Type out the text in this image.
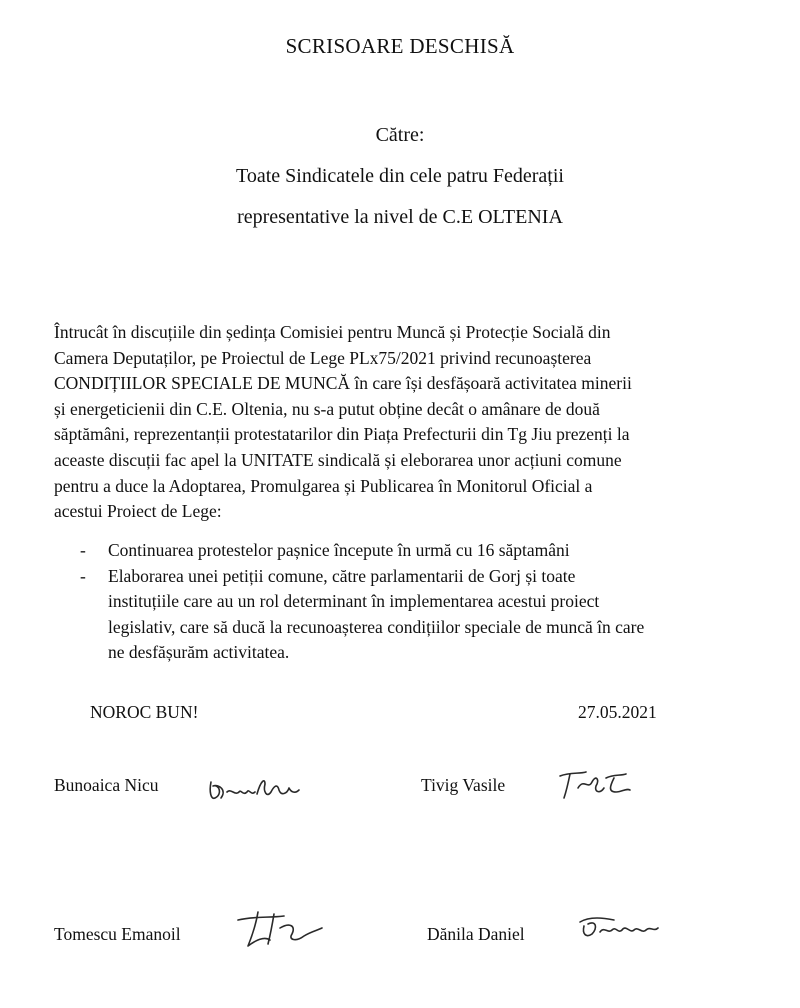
SCRISOARE DESCHISĂ
Către:
Toate Sindicatele din cele patru Federații
representative la nivel de C.E OLTENIA
Întrucât în discuțiile din ședința Comisiei pentru Muncă și Protecție Socială din
Camera Deputaților, pe Proiectul de Lege PLx75/2021 privind recunoașterea
CONDIȚIILOR SPECIALE DE MUNCĂ în care își desfășoară activitatea minerii
și energeticienii din C.E. Oltenia, nu s-a putut obține decât o amânare de două
săptămâni, reprezentanții protestatarilor din Piața Prefecturii din Tg Jiu prezenți la
aceaste discuții fac apel la UNITATE sindicală și eleborarea unor acțiuni comune
pentru a duce la Adoptarea, Promulgarea și Publicarea în Monitorul Oficial a
acestui Proiect de Lege:
-	Continuarea protestelor pașnice începute în urmă cu 16 săptamâni
-	Elaborarea unei petiții comune, către parlamentarii de Gorj și toate
instituțiile care au un rol determinant în implementarea acestui proiect
legislativ, care să ducă la recunoașterea condițiilor speciale de muncă în care
ne desfășurăm activitatea.
NOROC BUN!	27.05.2021
Bunoaica Nicu	Tivig Vasile
Tomescu Emanoil	Dănila Daniel
